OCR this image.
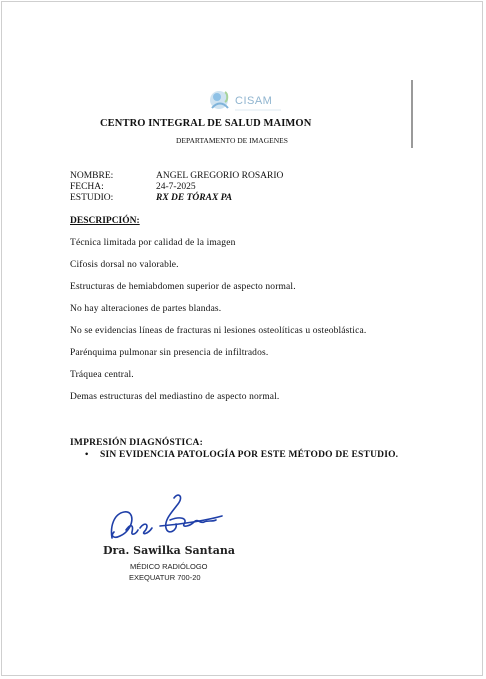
CISAM
CENTRO INTEGRAL DE SALUD MAIMON
DEPARTAMENTO DE IMAGENES
NOMBRE:	ANGEL GREGORIO ROSARIO
FECHA:	24-7-2025
ESTUDIO:	RX DE TÓRAX PA
DESCRIPCIÓN:

Técnica limitada por calidad de la imagen

Cifosis dorsal no valorable.

Estructuras de hemiabdomen superior de aspecto normal.

No hay alteraciones de partes blandas.

No se evidencias líneas de fracturas ni lesiones osteolíticas u osteoblástica.

Parénquima pulmonar sin presencia de infiltrados.

Tráquea central.

Demas estructuras del mediastino de aspecto normal.

IMPRESIÓN DIAGNÓSTICA:
• SIN EVIDENCIA PATOLOGÍA POR ESTE MÉTODO DE ESTUDIO.
Dra. Sawilka Santana
MÉDICO RADIÓLOGO
EXEQUATUR 700-20
